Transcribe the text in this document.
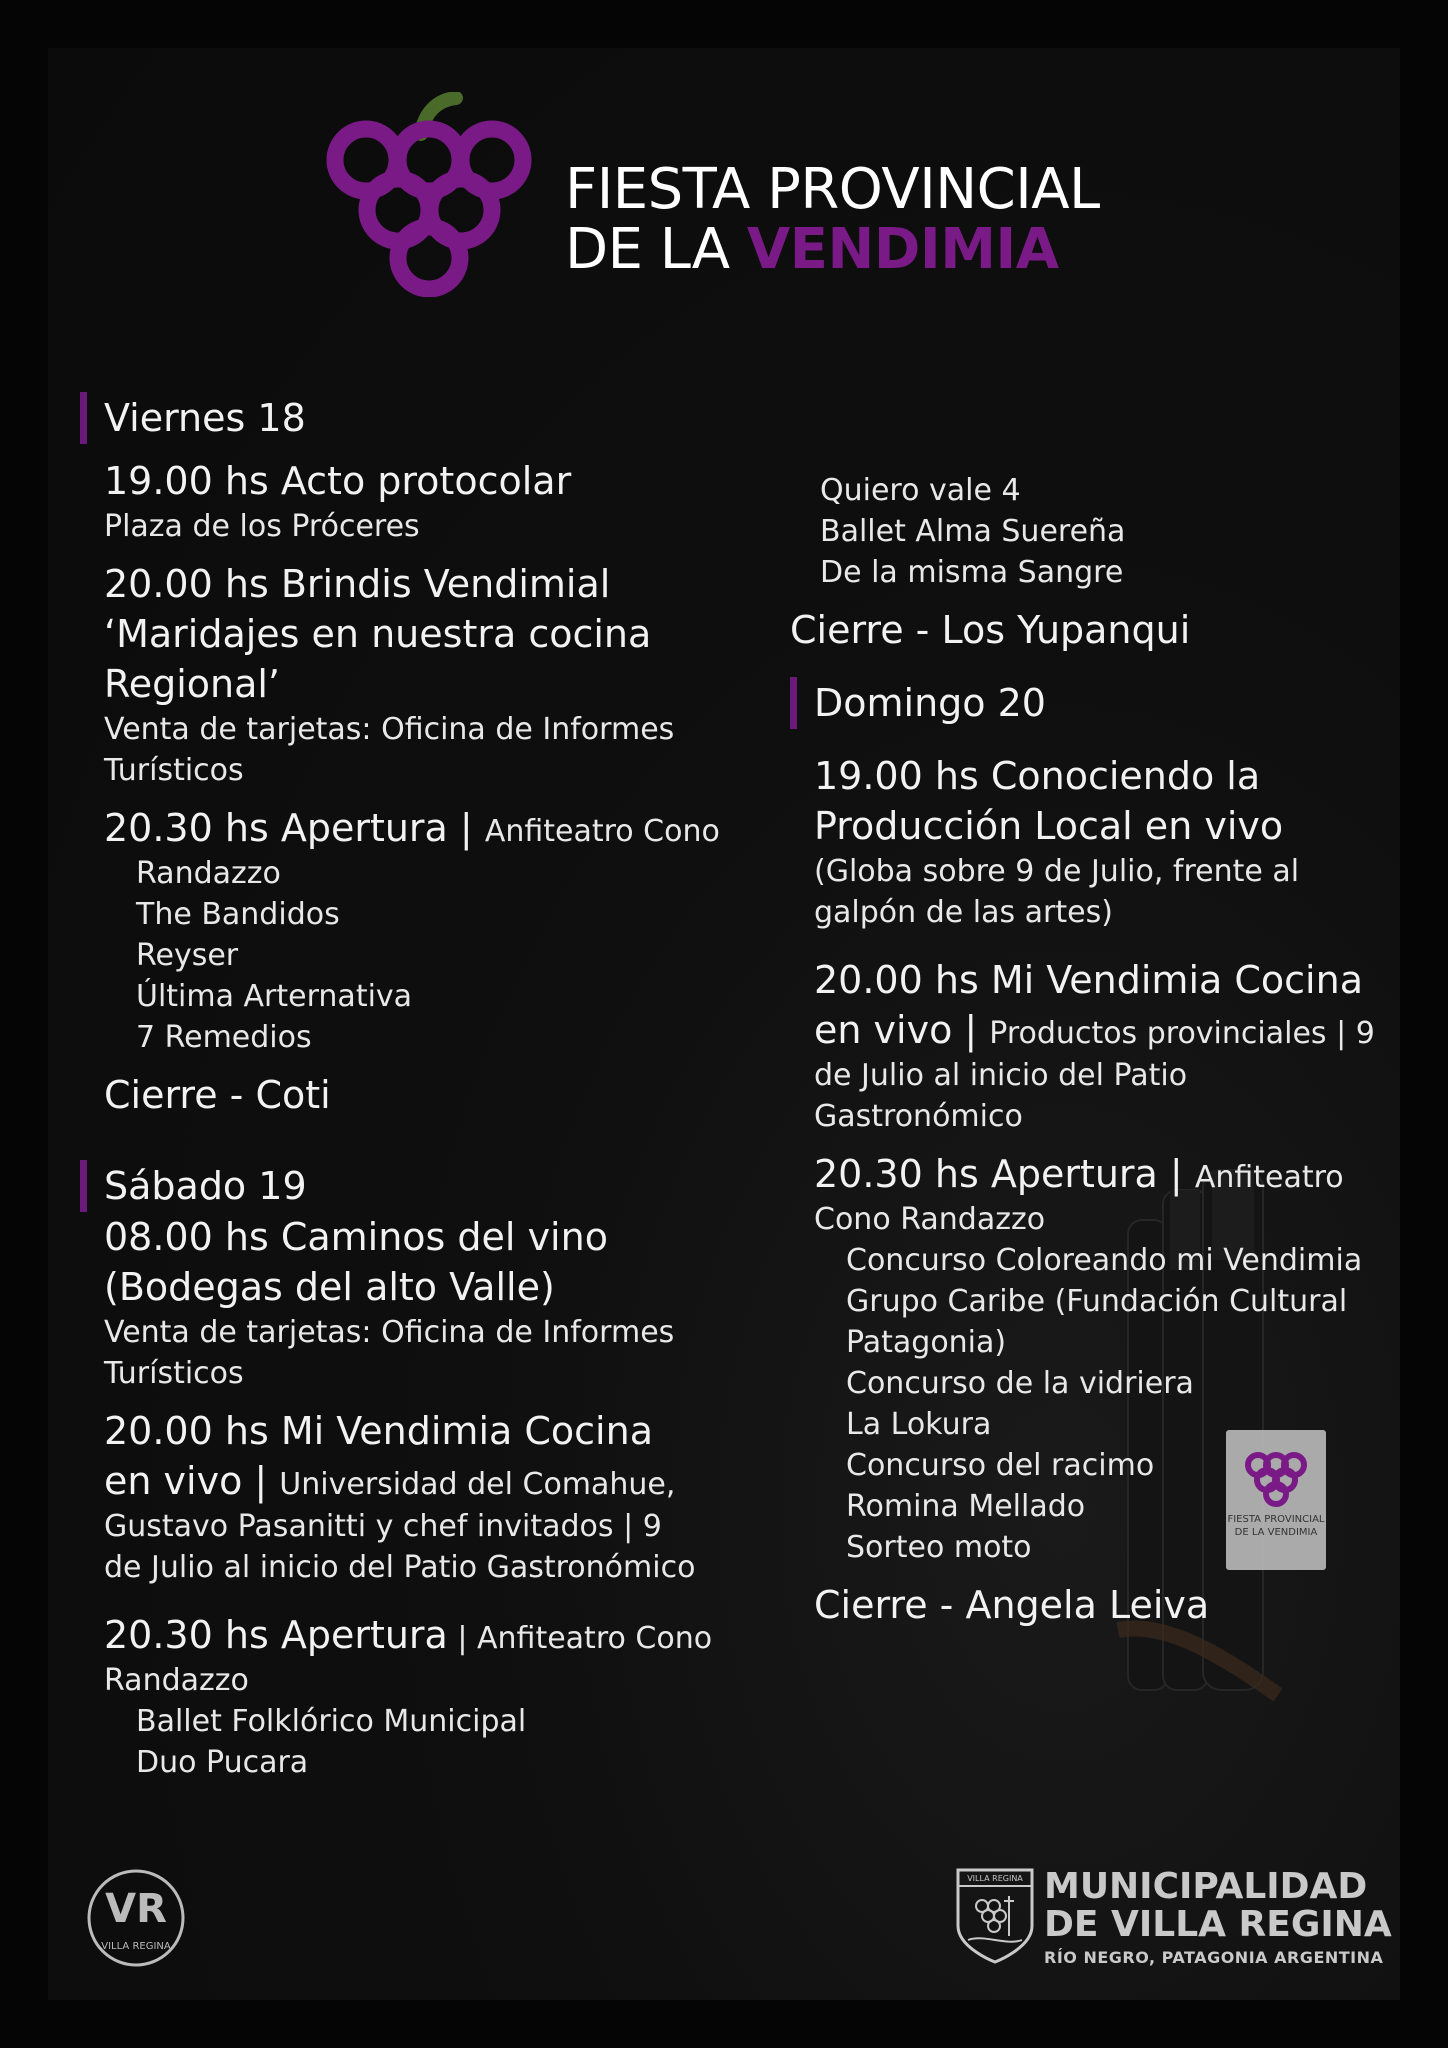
FIESTA PROVINCIAL
DE LA VENDIMIA

Viernes 18

19.00 hs Acto protocolar

Plaza de los Próceres

20.00 hs Brindis Vendimial

‘Maridajes en nuestra cocina

Regional’

Venta de tarjetas: Oficina de Informes

Turísticos

20.30 hs Apertura | Anfiteatro Cono

Randazzo
The Bandidos
Reyser
Última Arternativa
7 Remedios

Cierre - Coti

Sábado 19

08.00 hs Caminos del vino

(Bodegas del alto Valle)

Venta de tarjetas: Oficina de Informes

Turísticos

20.00 hs Mi Vendimia Cocina

en vivo | Universidad del Comahue,

Gustavo Pasanitti y chef invitados | 9

de Julio al inicio del Patio Gastronómico

20.30 hs Apertura | Anfiteatro Cono

Randazzo

Ballet Folklórico Municipal
Duo Pucara
FIESTA PROVINCIAL
DE LA VENDIMIA
Quiero vale 4
Ballet Alma Suereña
De la misma Sangre

Cierre - Los Yupanqui

Domingo 20

19.00 hs Conociendo la

Producción Local en vivo

(Globa sobre 9 de Julio, frente al

galpón de las artes)

20.00 hs Mi Vendimia Cocina

en vivo | Productos provinciales | 9

de Julio al inicio del Patio

Gastronómico

20.30 hs Apertura | Anfiteatro

Cono Randazzo

Concurso Coloreando mi Vendimia
Grupo Caribe (Fundación Cultural
Patagonia)
Concurso de la vidriera
La Lokura
Concurso del racimo
Romina Mellado
Sorteo moto

Cierre - Angela Leiva

VR
VILLA REGINA
VILLA REGINA MUNICIPALIDAD
DE VILLA REGINA
RÍO NEGRO, PATAGONIA ARGENTINA
